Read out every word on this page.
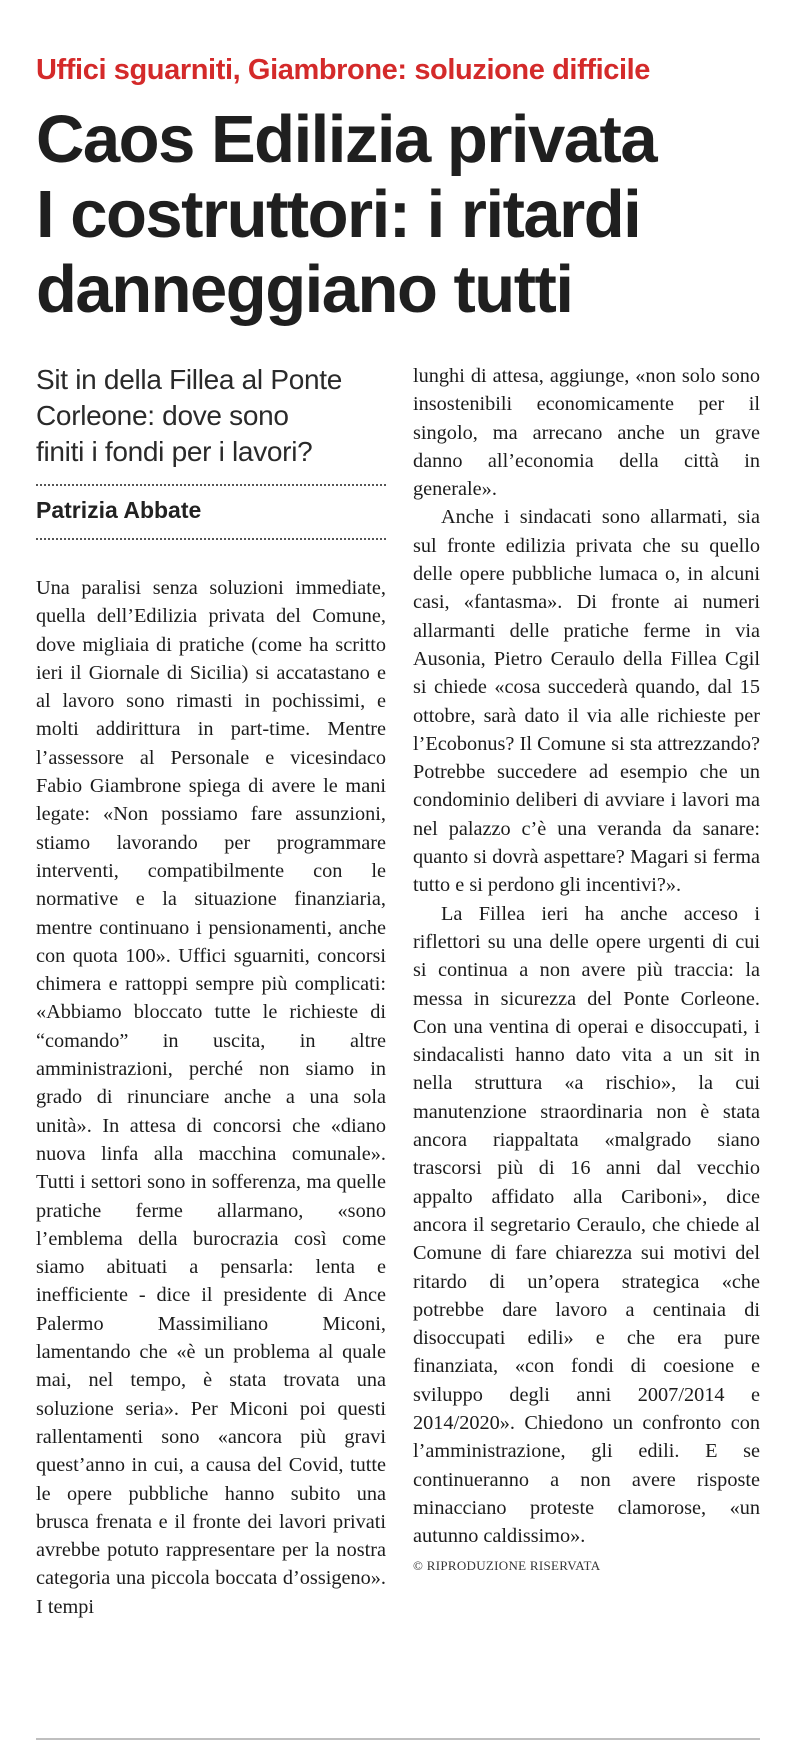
Uffici sguarniti, Giambrone: soluzione difficile
Caos Edilizia privata
I costruttori: i ritardi
danneggiano tutti

Sit in della Fillea al Ponte
Corleone: dove sono
finiti i fondi per i lavori?

Patrizia Abbate

Una paralisi senza soluzioni immediate, quella dell’Edilizia privata del Comune, dove migliaia di pratiche (come ha scritto ieri il Giornale di Sicilia) si accatastano e al lavoro sono rimasti in pochissimi, e molti addirittura in part-time. Mentre l’assessore al Personale e vicesindaco Fabio Giambrone spiega di avere le mani legate: «Non possiamo fare assunzioni, stiamo lavorando per programmare interventi, compatibilmente con le normative e la situazione finanziaria, mentre continuano i pensionamenti, anche con quota 100». Uffici sguarniti, concorsi chimera e rattoppi sempre più complicati: «Abbiamo bloccato tutte le richieste di “comando” in uscita, in altre amministrazioni, perché non siamo in grado di rinunciare anche a una sola unità». In attesa di concorsi che «diano nuova linfa alla macchina comunale». Tutti i settori sono in sofferenza, ma quelle pratiche ferme allarmano, «sono l’emblema della burocrazia così come siamo abituati a pensarla: lenta e inefficiente - dice il presidente di Ance Palermo Massimiliano Miconi, lamentando che «è un problema al quale mai, nel tempo, è stata trovata una soluzione seria». Per Miconi poi questi rallentamenti sono «ancora più gravi quest’anno in cui, a causa del Covid, tutte le opere pubbliche hanno subito una brusca frenata e il fronte dei lavori privati avrebbe potuto rappresentare per la nostra categoria una piccola boccata d’ossigeno». I tempi

lunghi di attesa, aggiunge, «non solo sono insostenibili economicamente per il singolo, ma arrecano anche un grave danno all’economia della città in generale».

Anche i sindacati sono allarmati, sia sul fronte edilizia privata che su quello delle opere pubbliche lumaca o, in alcuni casi, «fantasma». Di fronte ai numeri allarmanti delle pratiche ferme in via Ausonia, Pietro Ceraulo della Fillea Cgil si chiede «cosa succederà quando, dal 15 ottobre, sarà dato il via alle richieste per l’Ecobonus? Il Comune si sta attrezzando? Potrebbe succedere ad esempio che un condominio deliberi di avviare i lavori ma nel palazzo c’è una veranda da sanare: quanto si dovrà aspettare? Magari si ferma tutto e si perdono gli incentivi?».

La Fillea ieri ha anche acceso i riflettori su una delle opere urgenti di cui si continua a non avere più traccia: la messa in sicurezza del Ponte Corleone. Con una ventina di operai e disoccupati, i sindacalisti hanno dato vita a un sit in nella struttura «a rischio», la cui manutenzione straordinaria non è stata ancora riappaltata «malgrado siano trascorsi più di 16 anni dal vecchio appalto affidato alla Cariboni», dice ancora il segretario Ceraulo, che chiede al Comune di fare chiarezza sui motivi del ritardo di un’opera strategica «che potrebbe dare lavoro a centinaia di disoccupati edili» e che era pure finanziata, «con fondi di coesione e sviluppo degli anni 2007/2014 e 2014/2020». Chiedono un confronto con l’amministrazione, gli edili. E se continueranno a non avere risposte minacciano proteste clamorose, «un autunno caldissimo».

© RIPRODUZIONE RISERVATA
